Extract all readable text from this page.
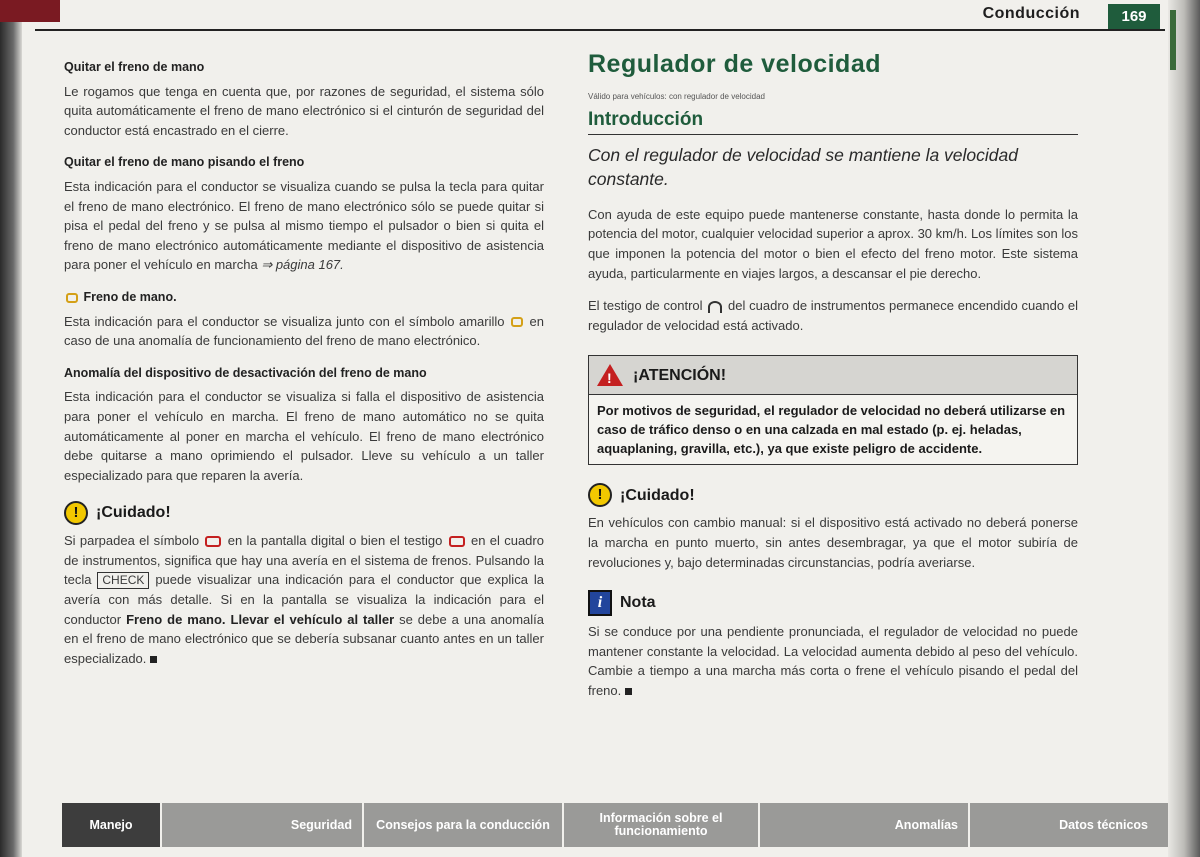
Conducción	169
Quitar el freno de mano

Le rogamos que tenga en cuenta que, por razones de seguridad, el sistema sólo quita automáticamente el freno de mano electrónico si el cinturón de seguridad del conductor está encastrado en el cierre.

Quitar el freno de mano pisando el freno

Esta indicación para el conductor se visualiza cuando se pulsa la tecla para quitar el freno de mano electrónico. El freno de mano electrónico sólo se puede quitar si pisa el pedal del freno y se pulsa al mismo tiempo el pulsador o bien si quita el freno de mano electrónico automáticamente mediante el dispositivo de asistencia para poner el vehículo en marcha ⇒ página 167.

Freno de mano.

Esta indicación para el conductor se visualiza junto con el símbolo amarillo en caso de una anomalía de funcionamiento del freno de mano electrónico.

Anomalía del dispositivo de desactivación del freno de mano

Esta indicación para el conductor se visualiza si falla el dispositivo de asistencia para poner el vehículo en marcha. El freno de mano automático no se quita automáticamente al poner en marcha el vehículo. El freno de mano electrónico debe quitarse a mano oprimiendo el pulsador. Lleve su vehículo a un taller especializado para que reparen la avería.

!	¡Cuidado!

Si parpadea el símbolo en la pantalla digital o bien el testigo en el cuadro de instrumentos, significa que hay una avería en el sistema de frenos. Pulsando la tecla CHECK puede visualizar una indicación para el conductor que explica la avería con más detalle. Si en la pantalla se visualiza la indicación para el conductor Freno de mano. Llevar el vehículo al taller se debe a una anomalía en el freno de mano electrónico que se debería subsanar cuanto antes en un taller especializado.

Regulador de velocidad
Válido para vehículos: con regulador de velocidad
Introducción
Con el regulador de velocidad se mantiene la velocidad constante.

Con ayuda de este equipo puede mantenerse constante, hasta donde lo permita la potencia del motor, cualquier velocidad superior a aprox. 30 km/h. Los límites son los que imponen la potencia del motor o bien el efecto del freno motor. Este sistema ayuda, particularmente en viajes largos, a descansar el pie derecho.

El testigo de control del cuadro de instrumentos permanece encendido cuando el regulador de velocidad está activado.

!
¡ATENCIÓN!
Por motivos de seguridad, el regulador de velocidad no deberá utilizarse en caso de tráfico denso o en una calzada en mal estado (p. ej. heladas, aquaplaning, gravilla, etc.), ya que existe peligro de accidente.
!	¡Cuidado!

En vehículos con cambio manual: si el dispositivo está activado no deberá ponerse la marcha en punto muerto, sin antes desembragar, ya que el motor subiría de revoluciones y, bajo determinadas circunstancias, podría averiarse.

i	Nota

Si se conduce por una pendiente pronunciada, el regulador de velocidad no puede mantener constante la velocidad. La velocidad aumenta debido al peso del vehículo. Cambie a tiempo a una marcha más corta o frene el vehículo pisando el pedal del freno.

Manejo	Seguridad	Consejos para la conducción	Información sobre el funcionamiento	Anomalías	Datos técnicos
